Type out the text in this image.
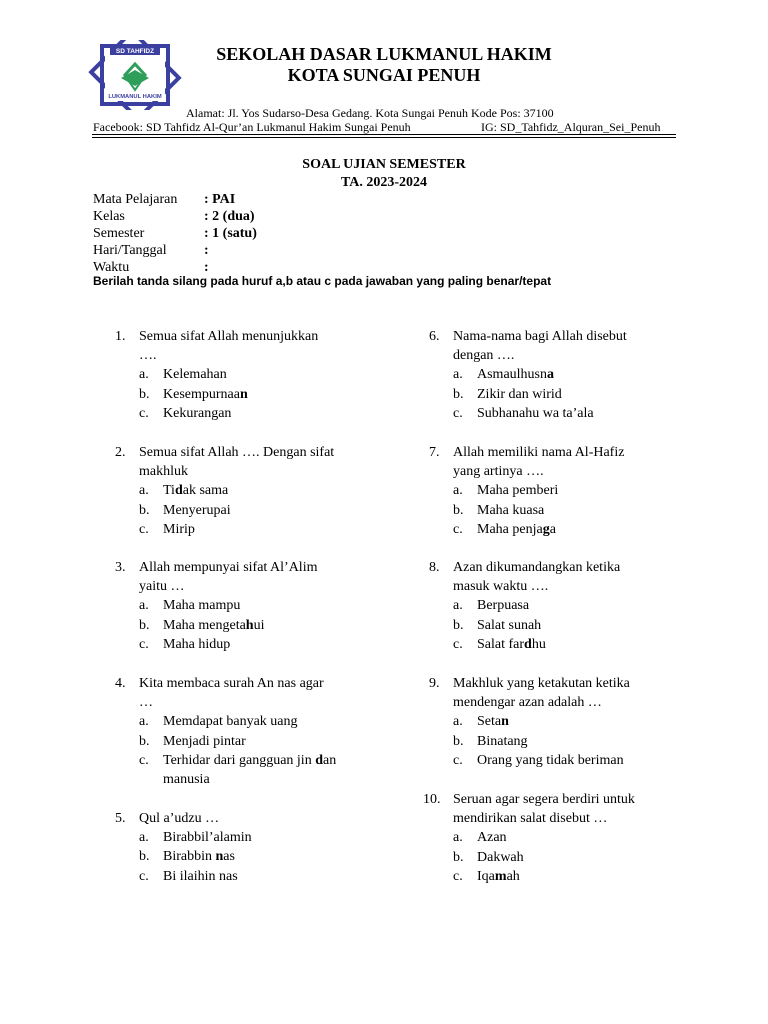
SD TAHFIDZ
LUKMANUL HAKIM
SEKOLAH DASAR LUKMANUL HAKIM
KOTA SUNGAI PENUH
Alamat: Jl. Yos Sudarso-Desa Gedang. Kota Sungai Penuh Kode Pos: 37100
Facebook: SD Tahfidz Al-Qur’an Lukmanul Hakim Sungai Penuh	IG: SD_Tahfidz_Alquran_Sei_Penuh
SOAL UJIAN SEMESTER
TA. 2023-2024
Mata Pelajaran : PAI
Kelas	: 2 (dua)
Semester	: 1 (satu)
Hari/Tanggal	:
Waktu	:
Berilah tanda silang pada huruf a,b atau c pada jawaban yang paling benar/tepat
1. Semua sifat Allah menunjukkan
….
a. Kelemahan
b. Kesempurnaan
c. Kekurangan
2. Semua sifat Allah …. Dengan sifat
makhluk
a. Tidak sama
b. Menyerupai
c. Mirip
3. Allah mempunyai sifat Al’Alim
yaitu …
a. Maha mampu
b. Maha mengetahui
c. Maha hidup
4. Kita membaca surah An nas agar
…
a. Memdapat banyak uang
b. Menjadi pintar
c. Terhidar dari gangguan jin dan
manusia
5. Qul a’udzu …
a. Birabbil’alamin
b. Birabbin nas
c. Bi ilaihin nas
6. Nama-nama bagi Allah disebut
dengan ….
a. Asmaulhusna
b. Zikir dan wirid
c. Subhanahu wa ta’ala
7. Allah memiliki nama Al-Hafiz
yang artinya ….
a. Maha pemberi
b. Maha kuasa
c. Maha penjaga
8. Azan dikumandangkan ketika
masuk waktu ….
a. Berpuasa
b. Salat sunah
c. Salat fardhu
9. Makhluk yang ketakutan ketika
mendengar azan adalah …
a. Setan
b. Binatang
c. Orang yang tidak beriman
10. Seruan agar segera berdiri untuk
mendirikan salat disebut …
a. Azan
b. Dakwah
c. Iqamah
